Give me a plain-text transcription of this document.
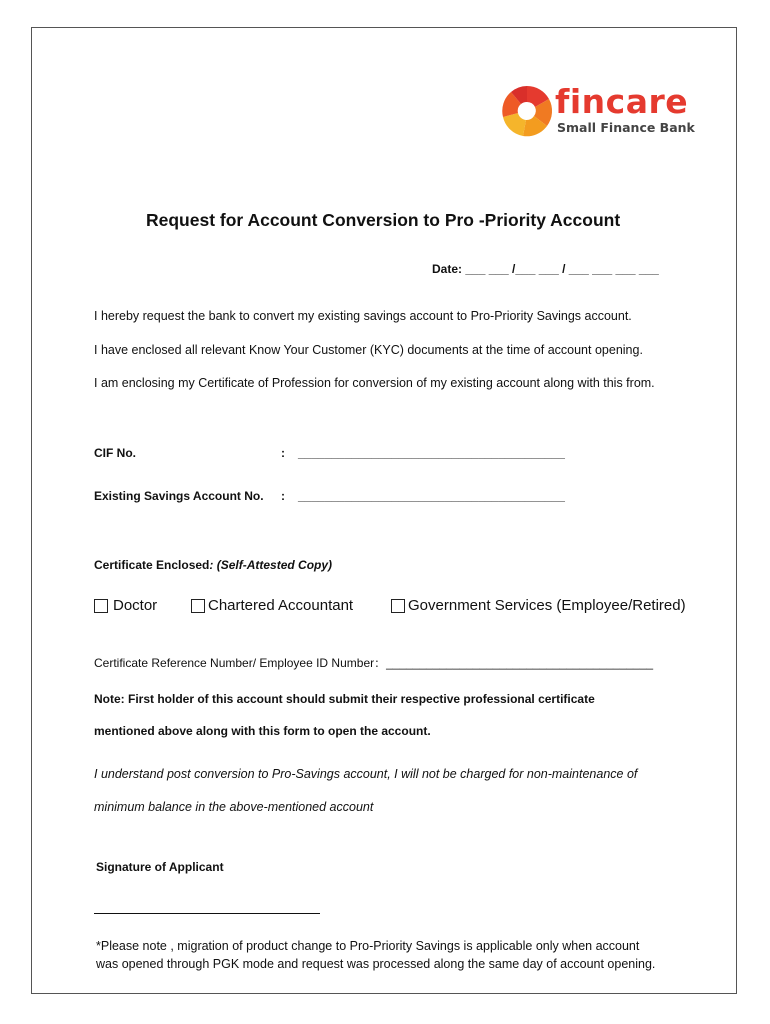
fincare
Small Finance Bank
Request for Account Conversion to Pro -Priority Account
Date: ___ ___ /___ ___ / ___ ___ ___ ___
I hereby request the bank to convert my existing savings account to Pro-Priority Savings account.
I have enclosed all relevant Know Your Customer (KYC) documents at the time of account opening.
I am enclosing my Certificate of Profession for conversion of my existing account along with this from.
CIF No.	: ________________________________________
Existing Savings Account No. : ________________________________________
Certificate Enclosed: (Self-Attested Copy)
Doctor	Chartered Accountant	Government Services (Employee/Retired)
Certificate Reference Number/ Employee ID Number：________________________________________
Note: First holder of this account should submit their respective professional certificate
mentioned above along with this form to open the account.
I understand post conversion to Pro-Savings account, I will not be charged for non-maintenance of
minimum balance in the above-mentioned account
Signature of Applicant
*Please note , migration of product change to Pro-Priority Savings is applicable only when account
was opened through PGK mode and request was processed along the same day of account opening.
